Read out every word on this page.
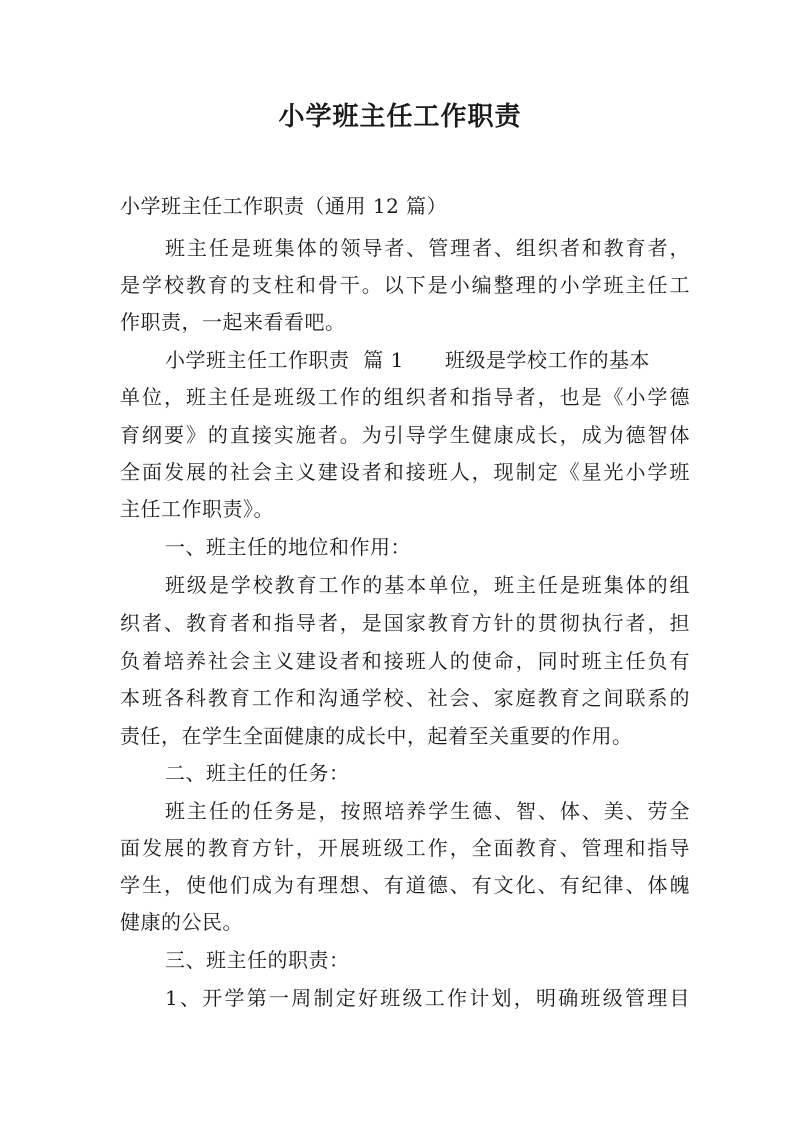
小学班主任工作职责
小学班主任工作职责（通用 12 篇）
班主任是班集体的领导者、管理者、组织者和教育者，
是学校教育的支柱和骨干。以下是小编整理的小学班主任工
作职责，一起来看看吧。
小学班主任工作职责  篇 1      班级是学校工作的基本
单位，班主任是班级工作的组织者和指导者，也是《小学德
育纲要》的直接实施者。为引导学生健康成长，成为德智体
全面发展的社会主义建设者和接班人，现制定《星光小学班
主任工作职责》。
一、班主任的地位和作用：
班级是学校教育工作的基本单位，班主任是班集体的组
织者、教育者和指导者，是国家教育方针的贯彻执行者，担
负着培养社会主义建设者和接班人的使命，同时班主任负有
本班各科教育工作和沟通学校、社会、家庭教育之间联系的
责任，在学生全面健康的成长中，起着至关重要的作用。
二、班主任的任务：
班主任的任务是，按照培养学生德、智、体、美、劳全
面发展的教育方针，开展班级工作，全面教育、管理和指导
学生，使他们成为有理想、有道德、有文化、有纪律、体魄
健康的公民。
三、班主任的职责：
1、开学第一周制定好班级工作计划，明确班级管理目
